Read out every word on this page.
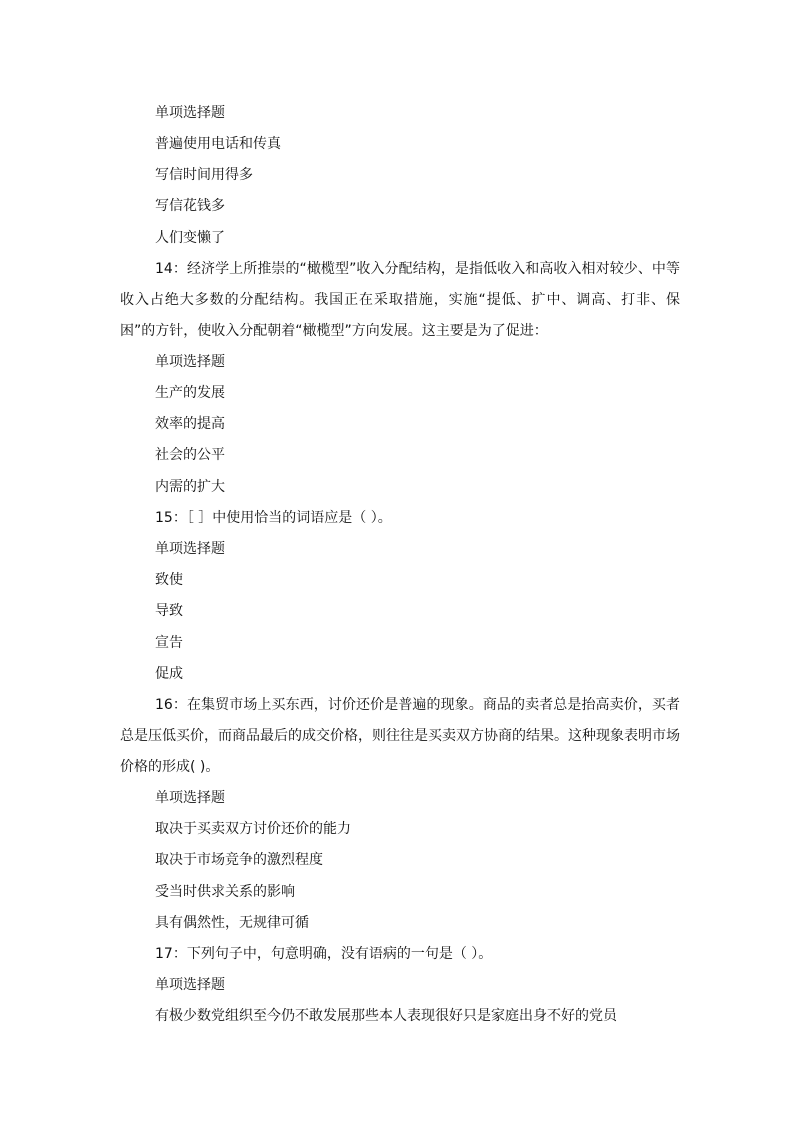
单项选择题
普遍使用电话和传真
写信时间用得多
写信花钱多
人们变懒了
14：经济学上所推崇的“橄榄型”收入分配结构，是指低收入和高收入相对较少、中等收入占绝大多数的分配结构。我国正在采取措施，实施“提低、扩中、调高、打非、保困”的方针，使收入分配朝着“橄榄型”方向发展。这主要是为了促进：
单项选择题
生产的发展
效率的提高
社会的公平
内需的扩大
15：［ ］中使用恰当的词语应是（ ）。
单项选择题
致使
导致
宣告
促成
16：在集贸市场上买东西，讨价还价是普遍的现象。商品的卖者总是抬高卖价，买者总是压低买价，而商品最后的成交价格，则往往是买卖双方协商的结果。这种现象表明市场价格的形成( )。
单项选择题
取决于买卖双方讨价还价的能力
取决于市场竞争的激烈程度
受当时供求关系的影响
具有偶然性，无规律可循
17：下列句子中，句意明确，没有语病的一句是（ ）。
单项选择题
有极少数党组织至今仍不敢发展那些本人表现很好只是家庭出身不好的党员
